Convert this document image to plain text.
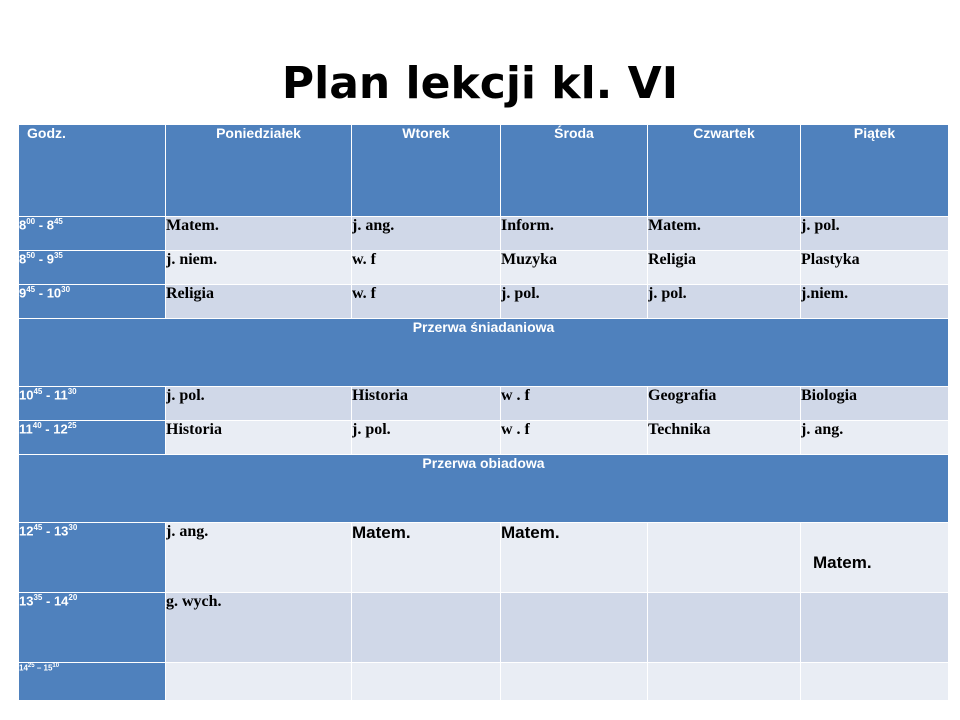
Plan lekcji kl. VI
Godz.	Poniedziałek	Wtorek	Środa	Czwartek	Piątek
$8^{00} - 8^{45}$	Matem.	j. ang.	Inform.	Matem.	j. pol.
$8^{50} - 9^{35}$	j. niem.	w. f	Muzyka	Religia	Plastyka
$9^{45} - 10^{30}$	Religia	w. f	j. pol.	j. pol.	j.niem.
Przerwa śniadaniowa					
$10^{45} - 11^{30}$	j. pol.	Historia	w . f	Geografia	Biologia
$11^{40} - 12^{25}$	Historia	j. pol.	w . f	Technika	j. ang.
Przerwa obiadowa					
$12^{45} - 13^{30}$	j. ang.	Matem.	Matem.		Matem.
$13^{35} - 14^{20}$	g. wych.				
$14^{25} - 15^{10}$					
